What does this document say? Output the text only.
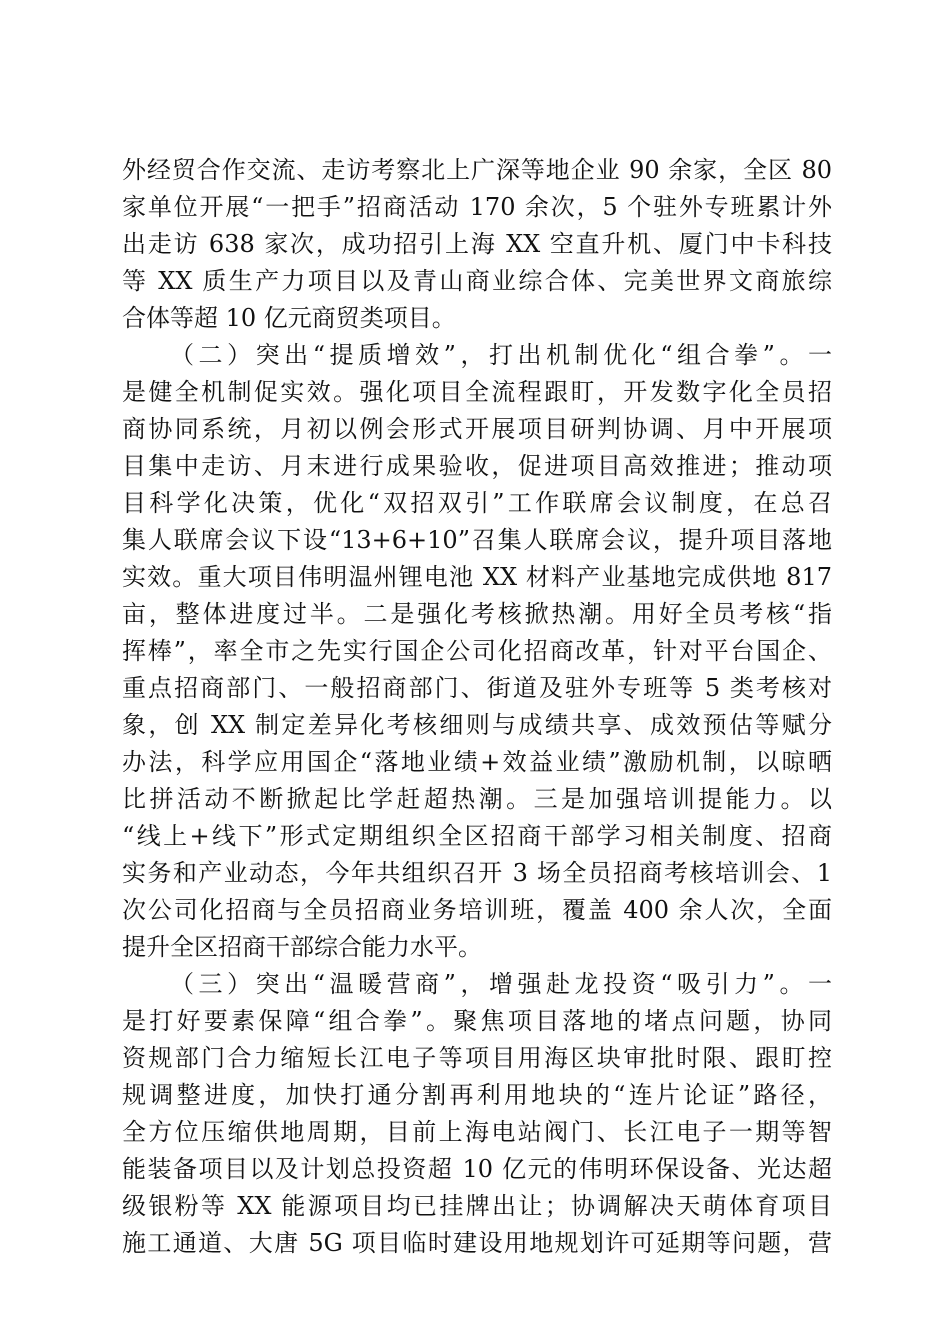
外经贸合作交流、走访考察北上广深等地企业 90 余家，全区 80
家单位开展“一把手”招商活动 170 余次，5 个驻外专班累计外
出走访 638 家次，成功招引上海 XX 空直升机、厦门中卡科技
等 XX 质生产力项目以及青山商业综合体、完美世界文商旅综
合体等超 10 亿元商贸类项目。
（二）突出“提质增效”，打出机制优化“组合拳”。一
是健全机制促实效。强化项目全流程跟盯，开发数字化全员招
商协同系统，月初以例会形式开展项目研判协调、月中开展项
目集中走访、月末进行成果验收，促进项目高效推进；推动项
目科学化决策，优化“双招双引”工作联席会议制度，在总召
集人联席会议下设“13+6+10”召集人联席会议，提升项目落地
实效。重大项目伟明温州锂电池 XX 材料产业基地完成供地 817
亩，整体进度过半。二是强化考核掀热潮。用好全员考核“指
挥棒”，率全市之先实行国企公司化招商改革，针对平台国企、
重点招商部门、一般招商部门、街道及驻外专班等 5 类考核对
象，创 XX 制定差异化考核细则与成绩共享、成效预估等赋分
办法，科学应用国企“落地业绩+效益业绩”激励机制，以晾晒
比拼活动不断掀起比学赶超热潮。三是加强培训提能力。以
“线上+线下”形式定期组织全区招商干部学习相关制度、招商
实务和产业动态，今年共组织召开 3 场全员招商考核培训会、1
次公司化招商与全员招商业务培训班，覆盖 400 余人次，全面
提升全区招商干部综合能力水平。
（三）突出“温暖营商”，增强赴龙投资“吸引力”。一
是打好要素保障“组合拳”。聚焦项目落地的堵点问题，协同
资规部门合力缩短长江电子等项目用海区块审批时限、跟盯控
规调整进度，加快打通分割再利用地块的“连片论证”路径，
全方位压缩供地周期，目前上海电站阀门、长江电子一期等智
能装备项目以及计划总投资超 10 亿元的伟明环保设备、光达超
级银粉等 XX 能源项目均已挂牌出让；协调解决天萌体育项目
施工通道、大唐 5G 项目临时建设用地规划许可延期等问题，营
